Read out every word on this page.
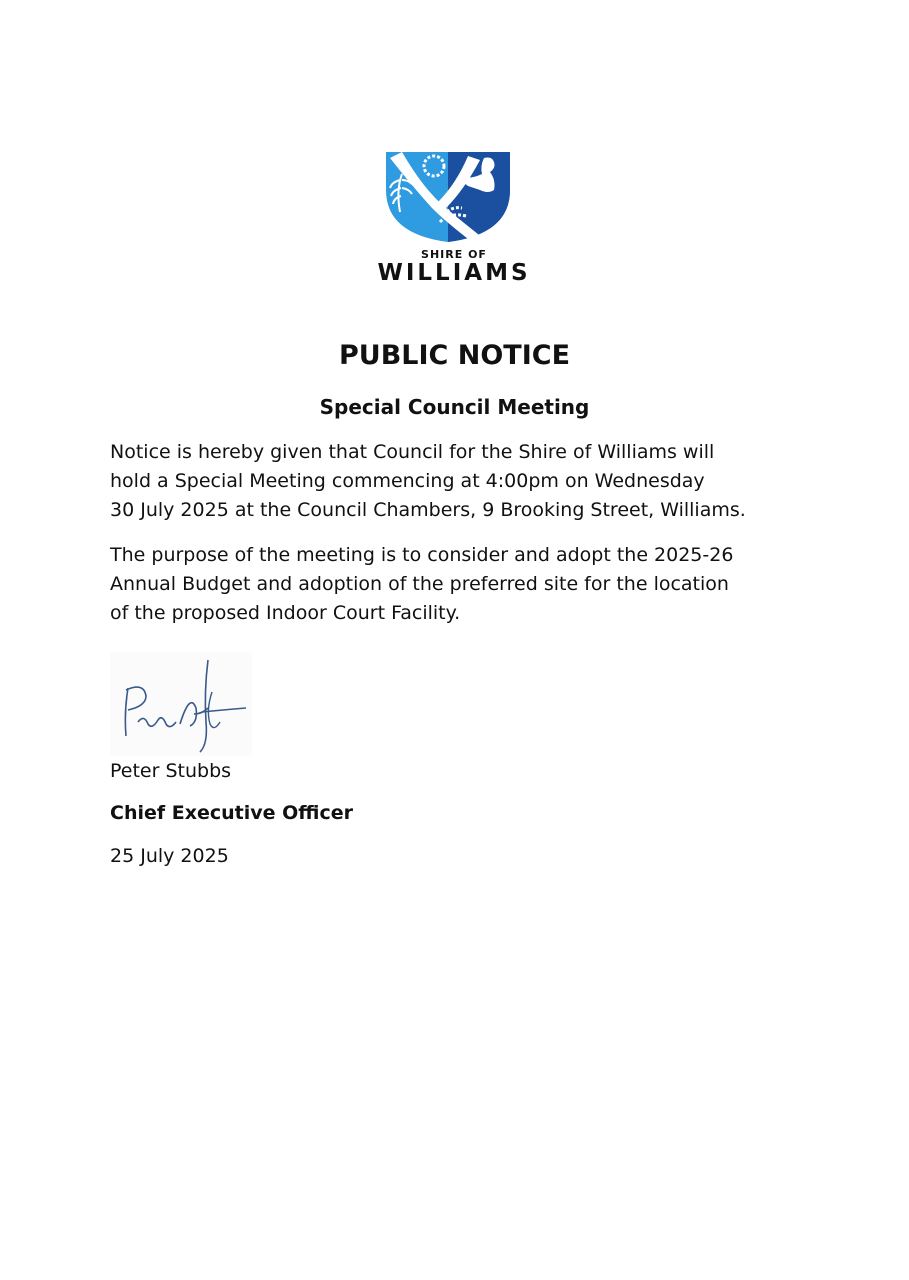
SHIRE OF
WILLIAMS
PUBLIC NOTICE
Special Council Meeting

Notice is hereby given that Council for the Shire of Williams will
hold a Special Meeting commencing at 4:00pm on Wednesday
30 July 2025 at the Council Chambers, 9 Brooking Street, Williams.

The purpose of the meeting is to consider and adopt the 2025-26
Annual Budget and adoption of the preferred site for the location
of the proposed Indoor Court Facility.

Peter Stubbs
Chief Executive Officer
25 July 2025
